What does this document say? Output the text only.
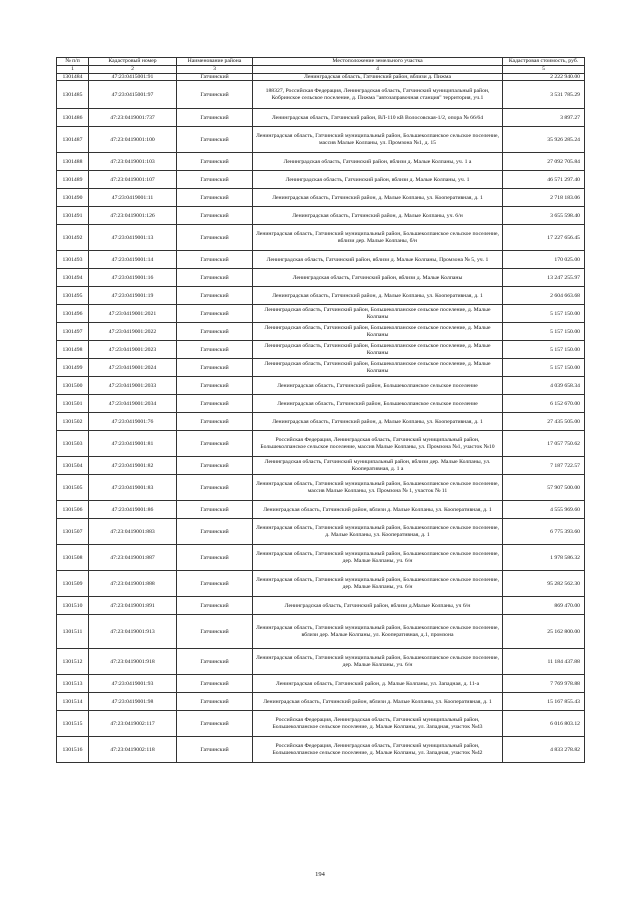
№ п/п	Кадастровый номер	Наименование района	Местоположение земельного участка	Кадастровая стоимость, руб.
1	2	3	4	5
1301484	47:23:0415001:91	Гатчинский	Ленинградская область, Гатчинский район, вблизи д. Пижма	2 222 940.00
1301485	47:23:0415001:97	Гатчинский	188327, Российская Федерация, Ленинградская область, Гатчинский муниципальный район, Кобринское сельское поселение, д. Пижма "автозаправочная станция" территория, уч.1	3 531 785.29
1301486	47:23:0419001:737	Гатчинский	Ленинградская область, Гатчинский район, ВЛ-110 кВ Волосовская-1/2, опора № 66/64	3 897.27
1301487	47:23:0419001:100	Гатчинский	Ленинградская область, Гатчинский муниципальный район, Большеколпанское сельское поселение, массив Малые Колпаны, ул. Промзона №1, д. 15	35 926 285.24
1301488	47:23:0419001:103	Гатчинский	Ленинградская область, Гатчинский район, вблизи д. Малые Колпаны, уч. 1 а	27 092 705.84
1301489	47:23:0419001:107	Гатчинский	Ленинградская область, Гатчинский район, вблизи д. Малые Колпаны, уч. 1	46 571 297.40
1301490	47:23:0419001:11	Гатчинский	Ленинградская область, Гатчинский район, д. Малые Колпаны, ул. Кооперативная, д. 1	2 718 183.06
1301491	47:23:0419001:126	Гатчинский	Ленинградская область, Гатчинский район, д. Малые Колпаны, уч. 6/н	3 655 598.40
1301492	47:23:0419001:13	Гатчинский	Ленинградская область, Гатчинский муниципальный район, Большеколпанское сельское поселение, вблизи дер. Малые Колпаны, б/н	17 227 656.45
1301493	47:23:0419001:14	Гатчинский	Ленинградская область, Гатчинский район, вблизи д. Малые Колпаны, Промзона № 5, уч. 1	170 025.00
1301494	47:23:0419001:16	Гатчинский	Ленинградская область, Гатчинский район, вблизи д. Малые Колпаны	13 247 255.97
1301495	47:23:0419001:19	Гатчинский	Ленинградская область, Гатчинский район, д. Малые Колпаны, ул. Кооперативная, д. 1	2 604 663.68
1301496	47:23:0419001:2021	Гатчинский	Ленинградская область, Гатчинский район, Большеколпанское сельское поселение, д. Малые Колпаны	5 157 150.00
1301497	47:23:0419001:2022	Гатчинский	Ленинградская область, Гатчинский район, Большеколпанское сельское поселение, д. Малые Колпаны	5 157 150.00
1301498	47:23:0419001:2023	Гатчинский	Ленинградская область, Гатчинский район, Большеколпанское сельское поселение, д. Малые Колпаны	5 157 150.00
1301499	47:23:0419001:2024	Гатчинский	Ленинградская область, Гатчинский район, Большеколпанское сельское поселение, д. Малые Колпаны	5 157 150.00
1301500	47:23:0419001:2033	Гатчинский	Ленинградская область, Гатчинский район, Большеколпанское сельское поселение	4 039 658.34
1301501	47:23:0419001:2034	Гатчинский	Ленинградская область, Гатчинский район, Большеколпанское сельское поселение	6 152 670.00
1301502	47:23:0419001:76	Гатчинский	Ленинградская область, Гатчинский район, д. Малые Колпаны, ул. Кооперативная, д. 1	27 435 505.00
1301503	47:23:0419001:81	Гатчинский	Российская Федерация, Ленинградская область, Гатчинский муниципальный район, Большеколпанское сельское поселение, массив Малые Колпаны, ул. Промзона №1, участок №10	17 057 750.62
1301504	47:23:0419001:82	Гатчинский	Ленинградская область, Гатчинский муниципальный район, вблизи дер. Малые Колпаны, ул. Кооперативная, д. 1 а	7 187 722.57
1301505	47:23:0419001:83	Гатчинский	Ленинградская область, Гатчинский муниципальный район, Большеколпанское сельское поселение, массив Малые Колпаны, ул. Промзона № 1, участок № 11	57 907 500.00
1301506	47:23:0419001:86	Гатчинский	Ленинградская область, Гатчинский район, вблизи д. Малые Колпаны, ул. Кооперативная, д. 1	4 555 969.60
1301507	47:23:0419001:883	Гатчинский	Ленинградская область, Гатчинский муниципальный район, Большеколпанское сельское поселение, д. Малые Колпаны, ул. Кооперативная, д. 1	6 775 393.60
1301508	47:23:0419001:887	Гатчинский	Ленинградская область, Гатчинский муниципальный район, Большеколпанское сельское поселение, дер. Малые Колпаны, уч. 6/н	1 978 586.32
1301509	47:23:0419001:888	Гатчинский	Ленинградская область, Гатчинский муниципальный район, Большеколпанское сельское поселение, дер. Малые Колпаны, уч. 6/н	95 282 562.30
1301510	47:23:0419001:891	Гатчинский	Ленинградская область, Гатчинский район, вблизи д.Малые Колпаны, уч 6/н	869 470.00
1301511	47:23:0419001:913	Гатчинский	Ленинградская область, Гатчинский муниципальный район, Большеколпанское сельское поселение, вблизи дер. Малые Колпаны, ул. Кооперативная, д.1, промзона	25 162 800.00
1301512	47:23:0419001:918	Гатчинский	Ленинградская область, Гатчинский муниципальный район, Большеколпанское сельское поселение, дер. Малые Колпаны, уч. 6/н	11 184 437.88
1301513	47:23:0419001:93	Гатчинский	Ленинградская область, Гатчинский район, д. Малые Колпаны, ул. Западная, д. 11-а	7 769 978.88
1301514	47:23:0419001:98	Гатчинский	Ленинградская область, Гатчинский район, вблизи д. Малые Колпаны, ул. Кооперативная, д. 1	15 167 855.43
1301515	47:23:0419002:117	Гатчинский	Российская Федерация, Ленинградская область, Гатчинский муниципальный район, Большеколпанское сельское поселение, д. Малые Колпаны, ул. Западная, участок №43	6 016 803.12
1301516	47:23:0419002:118	Гатчинский	Российская Федерация, Ленинградская область, Гатчинский муниципальный район, Большеколпанское сельское поселение, д. Малые Колпаны, ул. Западная, участок №42	4 833 278.82
194
